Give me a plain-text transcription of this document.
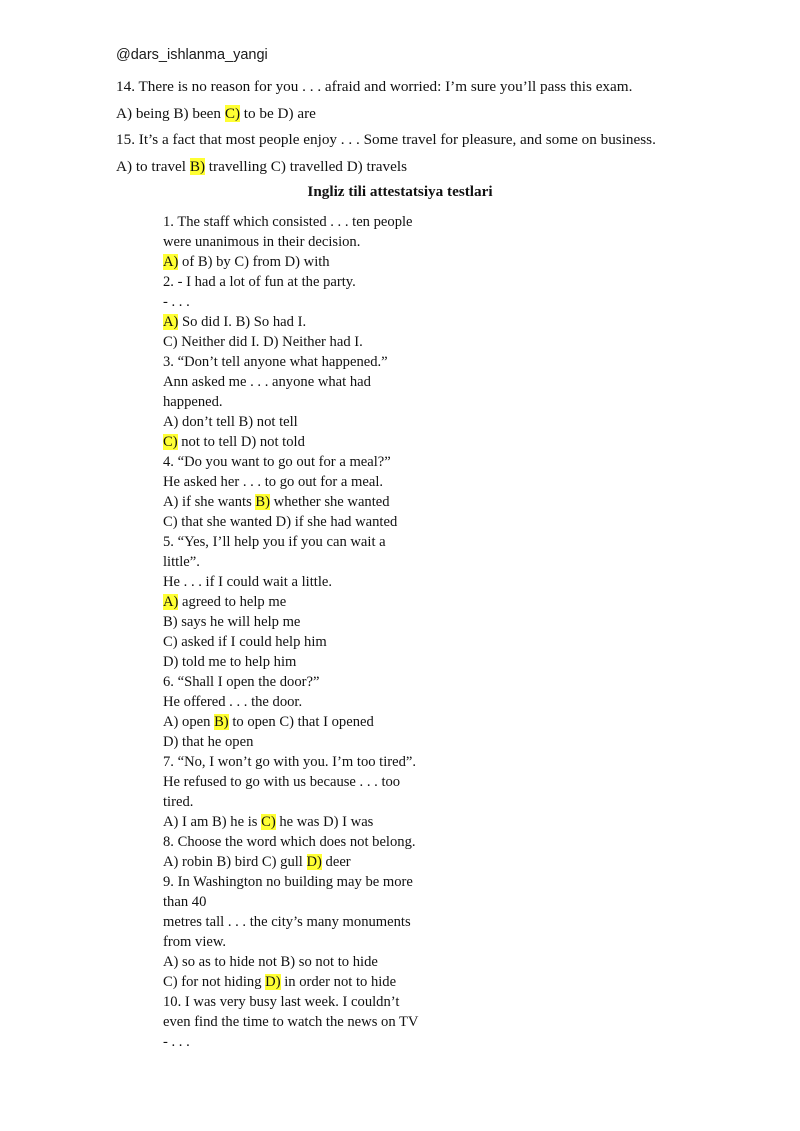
@dars_ishlanma_yangi
14. There is no reason for you . . . afraid and worried: I’m sure you’ll pass this exam.
A) being B) been C) to be D) are
15. It’s a fact that most people enjoy . . . Some travel for pleasure, and some on business.
A) to travel B) travelling C) travelled D) travels
Ingliz tili attestatsiya testlari
1. The staff which consisted . . . ten people
were unanimous in their decision.
A) of B) by C) from D) with
2. - I had a lot of fun at the party.
- . . .
A) So did I. B) So had I.
C) Neither did I. D) Neither had I.
3. “Don’t tell anyone what happened.”
Ann asked me . . . anyone what had
happened.
A) don’t tell B) not tell
C) not to tell D) not told
4. “Do you want to go out for a meal?”
He asked her . . . to go out for a meal.
A) if she wants B) whether she wanted
C) that she wanted D) if she had wanted
5. “Yes, I’ll help you if you can wait a
little”.
He . . . if I could wait a little.
A) agreed to help me
B) says he will help me
C) asked if I could help him
D) told me to help him
6. “Shall I open the door?”
He offered . . . the door.
A) open B) to open C) that I opened
D) that he open
7. “No, I won’t go with you. I’m too tired”.
He refused to go with us because . . . too
tired.
A) I am B) he is C) he was D) I was
8. Choose the word which does not belong.
A) robin B) bird C) gull D) deer
9. In Washington no building may be more
than 40
metres tall . . . the city’s many monuments
from view.
A) so as to hide not B) so not to hide
C) for not hiding D) in order not to hide
10. I was very busy last week. I couldn’t
even find the time to watch the news on TV
- . . .
